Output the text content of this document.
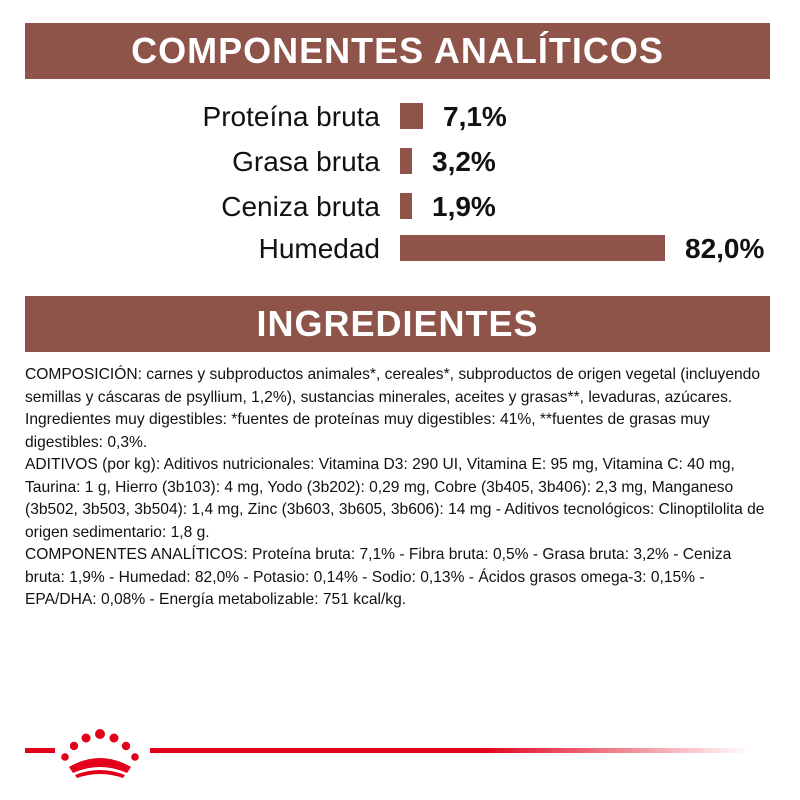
COMPONENTES ANALÍTICOS
Proteína bruta 7,1%
Grasa bruta 3,2%
Ceniza bruta 1,9%
Humedad	82,0%
INGREDIENTES

COMPOSICIÓN: carnes y subproductos animales*, cereales*, subproductos de origen vegetal (incluyendo semillas y cáscaras de psyllium, 1,2%), sustancias minerales, aceites y grasas**, levaduras, azúcares. Ingredientes muy digestibles: *fuentes de proteínas muy digestibles: 41%, **fuentes de grasas muy digestibles: 0,3%.

ADITIVOS (por kg): Aditivos nutricionales: Vitamina D3: 290 UI, Vitamina E: 95 mg, Vitamina C: 40 mg, Taurina: 1 g, Hierro (3b103): 4 mg, Yodo (3b202): 0,29 mg, Cobre (3b405, 3b406): 2,3 mg, Manganeso (3b502, 3b503, 3b504): 1,4 mg, Zinc (3b603, 3b605, 3b606): 14 mg - Aditivos tecnológicos: Clinoptilolita de origen sedimentario: 1,8 g.

COMPONENTES ANALÍTICOS: Proteína bruta: 7,1% - Fibra bruta: 0,5% - Grasa bruta: 3,2% - Ceniza bruta: 1,9% - Humedad: 82,0% - Potasio: 0,14% - Sodio: 0,13% - Ácidos grasos omega-3: 0,15% - EPA/DHA: 0,08% - Energía metabolizable: 751 kcal/kg.
